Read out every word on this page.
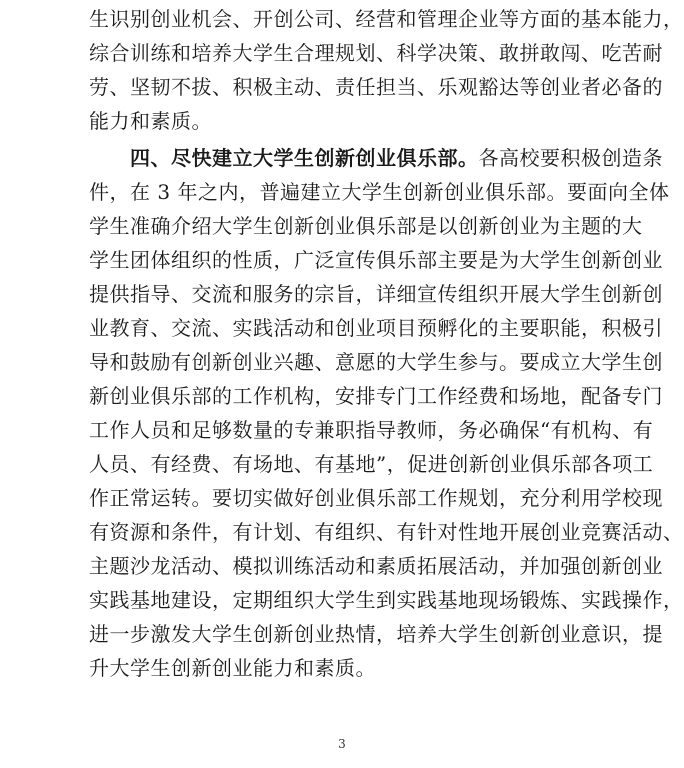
生识别创业机会、开创公司、经营和管理企业等方面的基本能力，
综合训练和培养大学生合理规划、科学决策、敢拼敢闯、吃苦耐
劳、坚韧不拔、积极主动、责任担当、乐观豁达等创业者必备的
能力和素质。
四、尽快建立大学生创新创业俱乐部。各高校要积极创造条
件，在 3 年之内，普遍建立大学生创新创业俱乐部。要面向全体
学生准确介绍大学生创新创业俱乐部是以创新创业为主题的大
学生团体组织的性质，广泛宣传俱乐部主要是为大学生创新创业
提供指导、交流和服务的宗旨，详细宣传组织开展大学生创新创
业教育、交流、实践活动和创业项目预孵化的主要职能，积极引
导和鼓励有创新创业兴趣、意愿的大学生参与。要成立大学生创
新创业俱乐部的工作机构，安排专门工作经费和场地，配备专门
工作人员和足够数量的专兼职指导教师，务必确保“有机构、有
人员、有经费、有场地、有基地”，促进创新创业俱乐部各项工
作正常运转。要切实做好创业俱乐部工作规划，充分利用学校现
有资源和条件，有计划、有组织、有针对性地开展创业竞赛活动、
主题沙龙活动、模拟训练活动和素质拓展活动，并加强创新创业
实践基地建设，定期组织大学生到实践基地现场锻炼、实践操作，
进一步激发大学生创新创业热情，培养大学生创新创业意识，提
升大学生创新创业能力和素质。
3
